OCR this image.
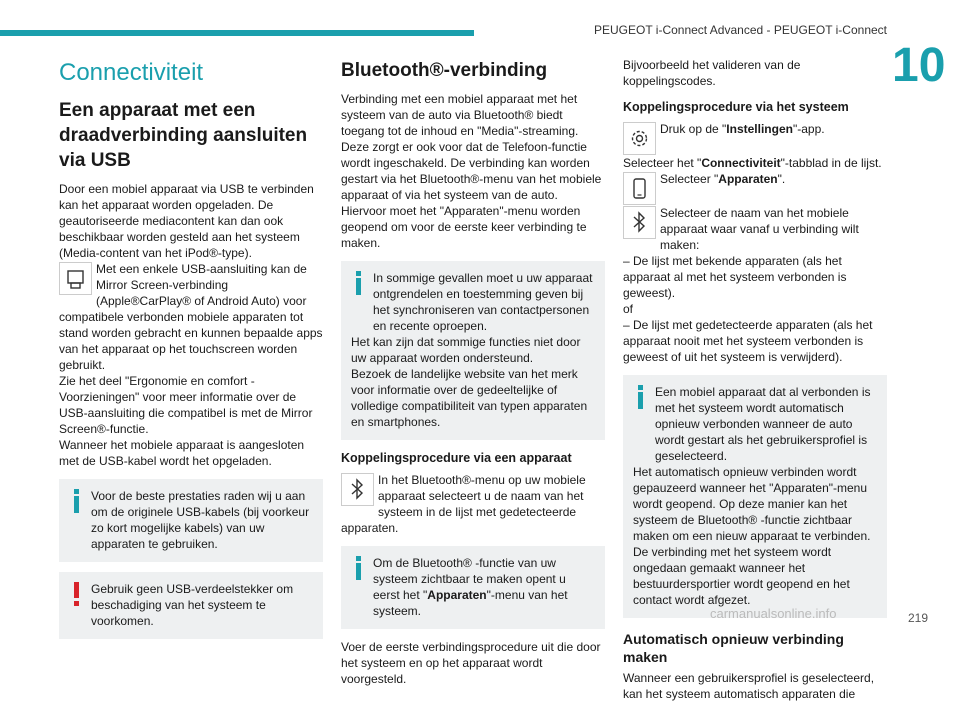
PEUGEOT i-Connect Advanced - PEUGEOT i-Connect
10
Connectiviteit
Een apparaat met een draadverbinding aansluiten via USB

Door een mobiel apparaat via USB te verbinden kan het apparaat worden opgeladen. De geautoriseerde mediacontent kan dan ook beschikbaar worden gesteld aan het systeem (Media-content van het iPod®-type).

Met een enkele USB-aansluiting kan de Mirror Screen-verbinding (Apple®CarPlay® of Android Auto) voor compatibele verbonden mobiele apparaten tot stand worden gebracht en kunnen bepaalde apps van het apparaat op het touchscreen worden gebruikt.

Zie het deel "Ergonomie en comfort - Voorzieningen" voor meer informatie over de USB-aansluiting die compatibel is met de Mirror Screen®-functie.

Wanneer het mobiele apparaat is aangesloten met de USB-kabel wordt het opgeladen.

Voor de beste prestaties raden wij u aan om de originele USB-kabels (bij voorkeur zo kort mogelijke kabels) van uw apparaten te gebruiken.

Gebruik geen USB-verdeelstekker om beschadiging van het systeem te voorkomen.

Bluetooth®-verbinding

Verbinding met een mobiel apparaat met het systeem van de auto via Bluetooth® biedt toegang tot de inhoud en "Media"-streaming. Deze zorgt er ook voor dat de Telefoon-functie wordt ingeschakeld. De verbinding kan worden gestart via het Bluetooth®-menu van het mobiele apparaat of via het systeem van de auto. Hiervoor moet het "Apparaten"-menu worden geopend om voor de eerste keer verbinding te maken.

In sommige gevallen moet u uw apparaat ontgrendelen en toestemming geven bij het synchroniseren van contactpersonen en recente oproepen.

Het kan zijn dat sommige functies niet door uw apparaat worden ondersteund.

Bezoek de landelijke website van het merk voor informatie over de gedeeltelijke of volledige compatibiliteit van typen apparaten en smartphones.

Koppelingsprocedure via een apparaat

In het Bluetooth®-menu op uw mobiele apparaat selecteert u de naam van het systeem in de lijst met gedetecteerde apparaten.

Om de Bluetooth® -functie van uw systeem zichtbaar te maken opent u eerst het "Apparaten"-menu van het systeem.

Voer de eerste verbindingsprocedure uit die door het systeem en op het apparaat wordt voorgesteld.

Bijvoorbeeld het valideren van de koppelingscodes.

Koppelingsprocedure via het systeem

Druk op de "Instellingen"-app.

Selecteer het "Connectiviteit"-tabblad in de lijst.

Selecteer "Apparaten".

Selecteer de naam van het mobiele apparaat waar vanaf u verbinding wilt maken:

– De lijst met bekende apparaten (als het apparaat al met het systeem verbonden is geweest).

of

– De lijst met gedetecteerde apparaten (als het apparaat nooit met het systeem verbonden is geweest of uit het systeem is verwijderd).

Een mobiel apparaat dat al verbonden is met het systeem wordt automatisch opnieuw verbonden wanneer de auto wordt gestart als het gebruikersprofiel is geselecteerd.

Het automatisch opnieuw verbinden wordt gepauzeerd wanneer het "Apparaten"-menu wordt geopend. Op deze manier kan het systeem de Bluetooth® -functie zichtbaar maken om een nieuw apparaat te verbinden.

De verbinding met het systeem wordt ongedaan gemaakt wanneer het bestuurdersportier wordt geopend en het contact wordt afgezet.

Automatisch opnieuw verbinding maken

Wanneer een gebruikersprofiel is geselecteerd, kan het systeem automatisch apparaten die

carmanualsonline.info	219
